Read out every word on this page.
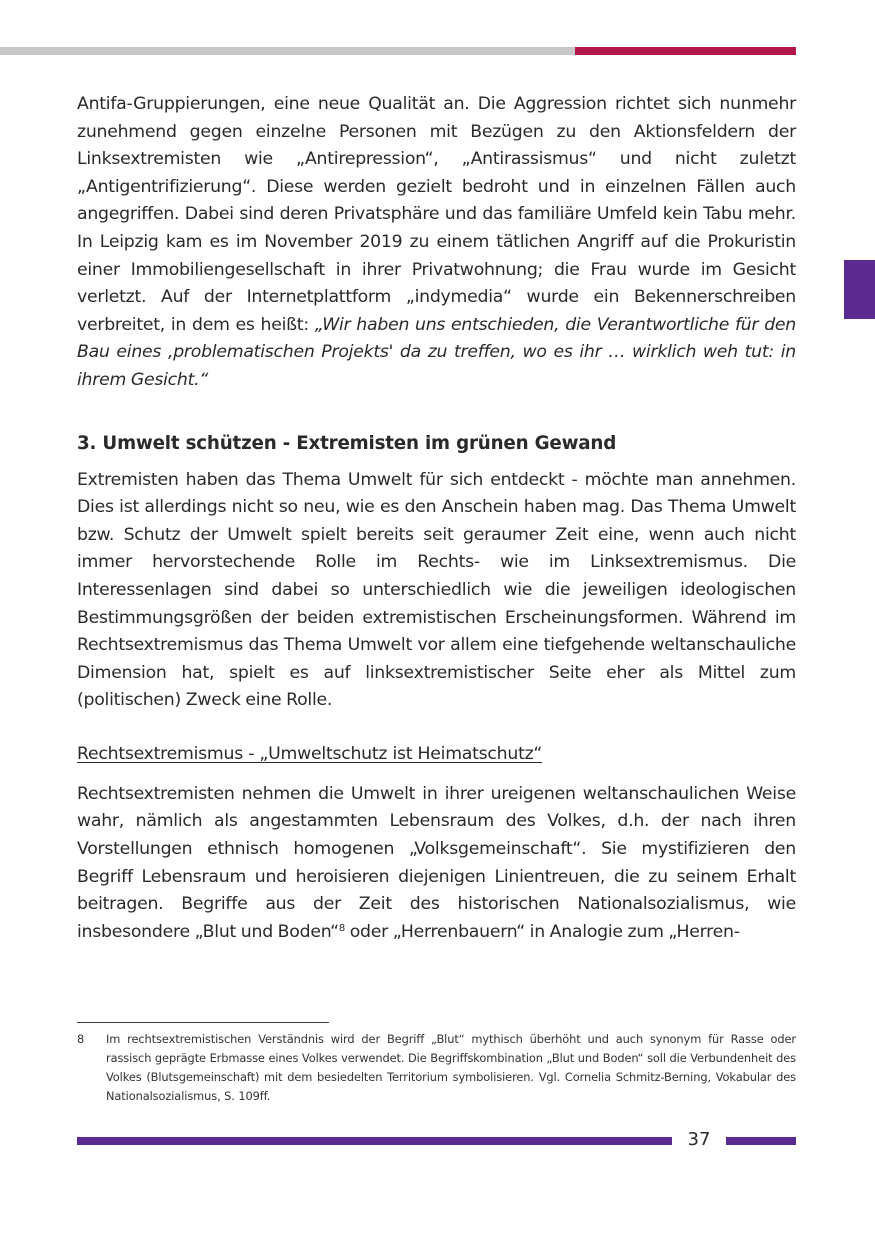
Antifa-Gruppierungen, eine neue Qualität an. Die Aggression richtet sich nunmehr zunehmend gegen einzelne Personen mit Bezügen zu den Aktionsfeldern der Linksextremisten wie „Antirepression“, „Antirassismus“ und nicht zuletzt „Antigentrifizierung“. Diese werden gezielt bedroht und in einzelnen Fällen auch angegriffen. Dabei sind deren Privatsphäre und das familiäre Umfeld kein Tabu mehr. In Leipzig kam es im November 2019 zu einem tätlichen Angriff auf die Prokuristin einer Immobiliengesellschaft in ihrer Privatwohnung; die Frau wurde im Gesicht verletzt. Auf der Internetplattform „indymedia“ wurde ein Bekennerschreiben verbreitet, in dem es heißt: „Wir haben uns entschieden, die Verantwortliche für den Bau eines ‚problematischen Projekts' da zu treffen, wo es ihr … wirklich weh tut: in ihrem Gesicht.“

3. Umwelt schützen - Extremisten im grünen Gewand

Extremisten haben das Thema Umwelt für sich entdeckt - möchte man annehmen. Dies ist allerdings nicht so neu, wie es den Anschein haben mag. Das Thema Umwelt bzw. Schutz der Umwelt spielt bereits seit geraumer Zeit eine, wenn auch nicht immer hervorstechende Rolle im Rechts- wie im Linksextremismus. Die Interessenlagen sind dabei so unterschiedlich wie die jeweiligen ideologischen Bestimmungsgrößen der beiden extremistischen Erscheinungsformen. Während im Rechtsextremismus das Thema Umwelt vor allem eine tiefgehende weltanschauliche Dimension hat, spielt es auf linksextremistischer Seite eher als Mittel zum (politischen) Zweck eine Rolle.

Rechtsextremismus - „Umweltschutz ist Heimatschutz“

Rechtsextremisten nehmen die Umwelt in ihrer ureigenen weltanschaulichen Weise wahr, nämlich als angestammten Lebensraum des Volkes, d.h. der nach ihren Vorstellungen ethnisch homogenen „Volksgemeinschaft“. Sie mystifizieren den Begriff Lebensraum und heroisieren diejenigen Linientreuen, die zu seinem Erhalt beitragen. Begriffe aus der Zeit des historischen Nationalsozialismus, wie insbesondere „Blut und Boden“$^8$ oder „Herrenbauern“ in Analogie zum „Herren-

8 Im rechtsextremistischen Verständnis wird der Begriff „Blut“ mythisch überhöht und auch synonym für Rasse oder rassisch geprägte Erbmasse eines Volkes verwendet. Die Begriffskombination „Blut und Boden“ soll die Verbundenheit des Volkes (Blutsgemeinschaft) mit dem besiedelten Territorium symbolisieren. Vgl. Cornelia Schmitz-Berning, Vokabular des Nationalsozialismus, S. 109ff.
37
